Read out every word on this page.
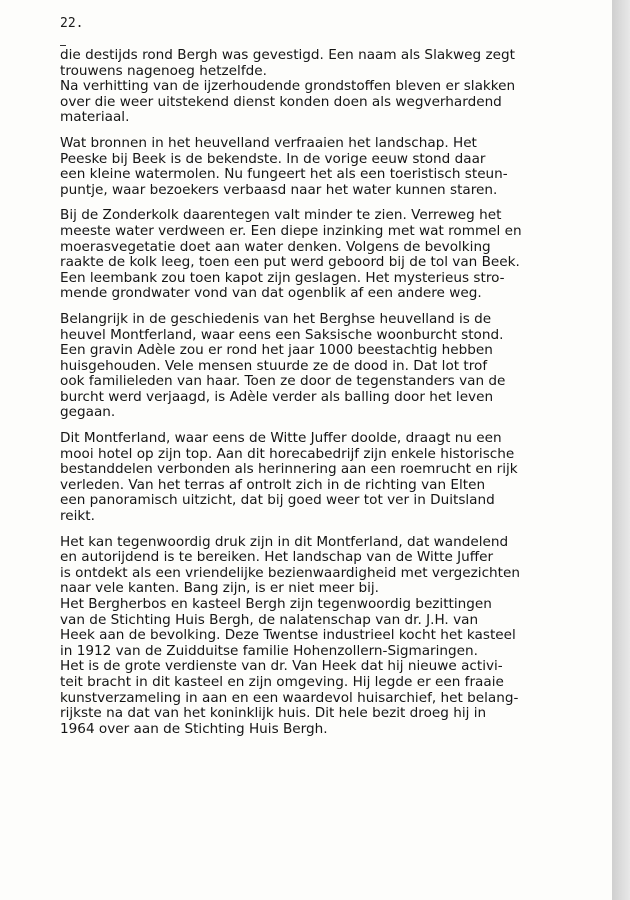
22.
die destijds rond Bergh was gevestigd. Een naam als Slakweg zegt
trouwens nagenoeg hetzelfde.
Na verhitting van de ijzerhoudende grondstoffen bleven er slakken
over die weer uitstekend dienst konden doen als wegverhardend
materiaal.
Wat bronnen in het heuvelland verfraaien het landschap. Het
Peeske bij Beek is de bekendste. In de vorige eeuw stond daar
een kleine watermolen. Nu fungeert het als een toeristisch steun-
puntje, waar bezoekers verbaasd naar het water kunnen staren.
Bij de Zonderkolk daarentegen valt minder te zien. Verreweg het
meeste water verdween er. Een diepe inzinking met wat rommel en
moerasvegetatie doet aan water denken. Volgens de bevolking
raakte de kolk leeg, toen een put werd geboord bij de tol van Beek.
Een leembank zou toen kapot zijn geslagen. Het mysterieus stro-
mende grondwater vond van dat ogenblik af een andere weg.
Belangrijk in de geschiedenis van het Berghse heuvelland is de
heuvel Montferland, waar eens een Saksische woonburcht stond.
Een gravin Adèle zou er rond het jaar 1000 beestachtig hebben
huisgehouden. Vele mensen stuurde ze de dood in. Dat lot trof
ook familieleden van haar. Toen ze door de tegenstanders van de
burcht werd verjaagd, is Adèle verder als balling door het leven
gegaan.
Dit Montferland, waar eens de Witte Juffer doolde, draagt nu een
mooi hotel op zijn top. Aan dit horecabedrijf zijn enkele historische
bestanddelen verbonden als herinnering aan een roemrucht en rijk
verleden. Van het terras af ontrolt zich in de richting van Elten
een panoramisch uitzicht, dat bij goed weer tot ver in Duitsland
reikt.
Het kan tegenwoordig druk zijn in dit Montferland, dat wandelend
en autorijdend is te bereiken. Het landschap van de Witte Juffer
is ontdekt als een vriendelijke bezienwaardigheid met vergezichten
naar vele kanten. Bang zijn, is er niet meer bij.
Het Bergherbos en kasteel Bergh zijn tegenwoordig bezittingen
van de Stichting Huis Bergh, de nalatenschap van dr. J.H. van
Heek aan de bevolking. Deze Twentse industrieel kocht het kasteel
in 1912 van de Zuidduitse familie Hohenzollern-Sigmaringen.
Het is de grote verdienste van dr. Van Heek dat hij nieuwe activi-
teit bracht in dit kasteel en zijn omgeving. Hij legde er een fraaie
kunstverzameling in aan en een waardevol huisarchief, het belang-
rijkste na dat van het koninklijk huis. Dit hele bezit droeg hij in
1964 over aan de Stichting Huis Bergh.
